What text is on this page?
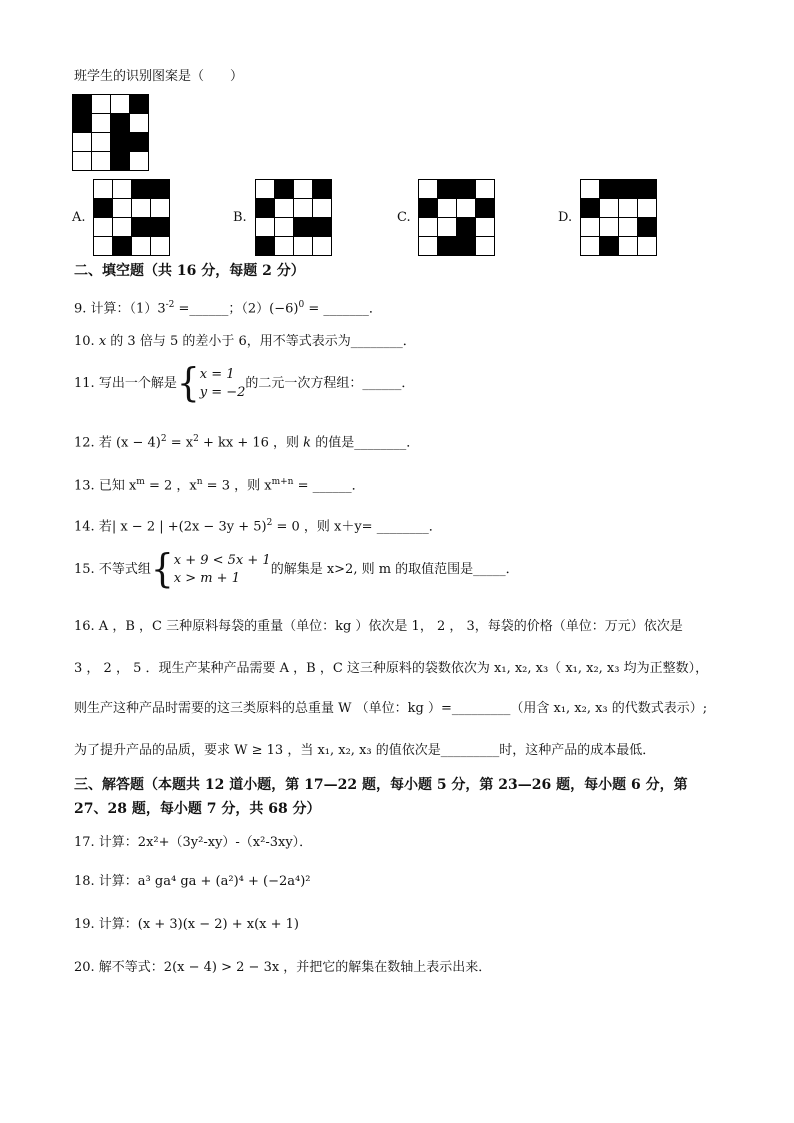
班学生的识别图案是（　　）
A.	B.	C.	D.
二、填空题（共 16 分，每题 2 分）
9. 计算：$(1)3^{-2}$ =______；$(2)(-6)^0$ = _______．
10. x 的 3 倍与 5 的差小于 6，用不等式表示为________．
11. 写出一个解是{x = 1
y = −2的二元一次方程组：______．
12. 若 $(x - 4)^2 = x^2$ + kx + 16 ，则 k 的值是________．
13. 已知 $x^m = 2$ ，$x^n = 3$ ，则 $x^{m+n}$ = ______．
14. 若| x − 2 | $+(2x - 3y + 5)^2 = 0$ ，则 x＋y= ________．
15. 不等式组{x + 9 < 5x + 1
x > m + 1的解集是 x>2, 则 m 的取值范围是_____．
16. A ，B ，C 三种原料每袋的重量（单位：kg ）依次是 1， 2 ， 3，每袋的价格（单位：万元）依次是
3 ， 2 ， 5 ．现生产某种产品需要 A ，B ，C 这三种原料的袋数依次为 x₁, x₂, x₃（ x₁, x₂, x₃ 均为正整数），
则生产这种产品时需要的这三类原料的总重量 W （单位：kg ）=_________（用含 x₁, x₂, x₃ 的代数式表示）;
为了提升产品的品质，要求 W ≥ 13 ，当 x₁, x₂, x₃ 的值依次是_________时，这种产品的成本最低．
三、解答题（本题共 12 道小题，第 17—22 题，每小题 5 分，第 23—26 题，每小题 6 分，第
27、28 题，每小题 7 分，共 68 分）
17. 计算：2x²+（3y²-xy）-（x²-3xy）．
18. 计算：a³ gа⁴ gа + (a²)⁴ + (−2a⁴)²
19. 计算：(x + 3)(x − 2) + x(x + 1)
20. 解不等式：2(x − 4) > 2 − 3x ，并把它的解集在数轴上表示出来．
